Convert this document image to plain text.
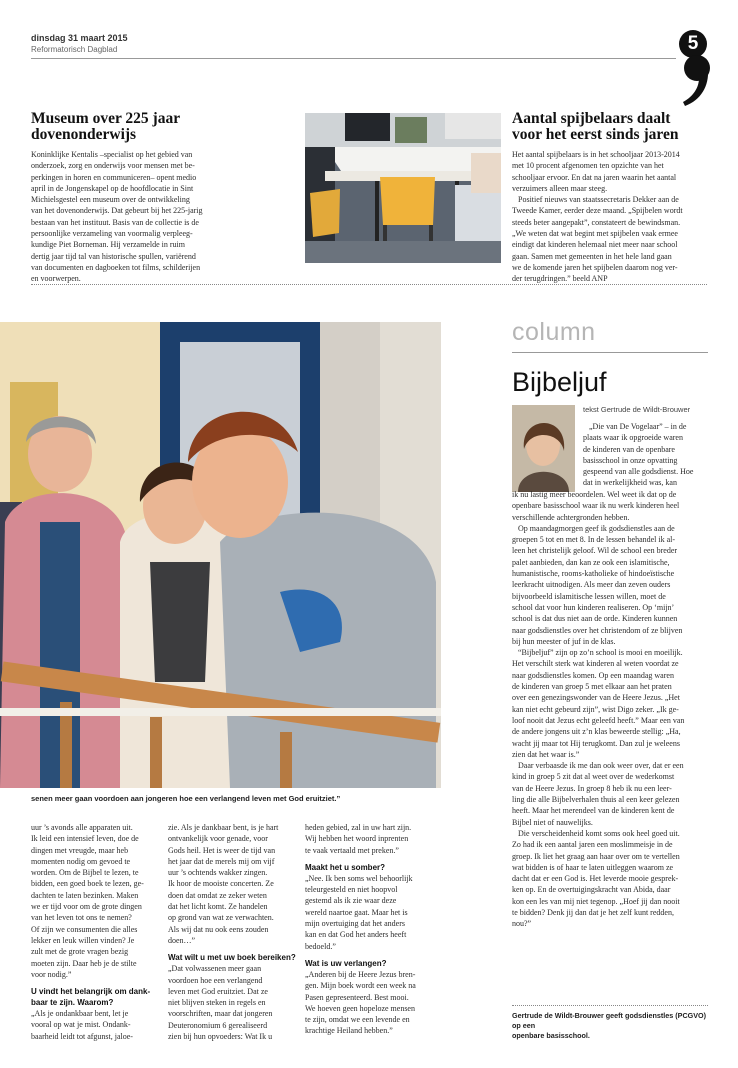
dinsdag 31 maart 2015
Reformatorisch Dagblad	5
Museum over 225 jaar
dovenonderwijs
Koninklijke Kentalis –specialist op het gebied van
onderzoek, zorg en onderwijs voor mensen met be-
perkingen in horen en communiceren– opent medio
april in de Jongenskapel op de hoofdlocatie in Sint
Michielsgestel een museum over de ontwikkeling
van het dovenonderwijs. Dat gebeurt bij het 225-jarig
bestaan van het instituut. Basis van de collectie is de
persoonlijke verzameling van voormalig verpleeg-
kundige Piet Borneman. Hij verzamelde in ruim
dertig jaar tijd tal van historische spullen, variërend
van documenten en dagboeken tot films, schilderijen
en voorwerpen.
Aantal spijbelaars daalt
voor het eerst sinds jaren
Het aantal spijbelaars is in het schooljaar 2013-2014
met 10 procent afgenomen ten opzichte van het
schooljaar ervoor. En dat na jaren waarin het aantal
verzuimers alleen maar steeg.
Positief nieuws van staatssecretaris Dekker aan de
Tweede Kamer, eerder deze maand. „Spijbelen wordt
steeds beter aangepakt”, constateert de bewindsman.
„We weten dat wat begint met spijbelen vaak ermee
eindigt dat kinderen helemaal niet meer naar school
gaan. Samen met gemeenten in het hele land gaan
we de komende jaren het spijbelen daarom nog ver-
der terugdringen.” beeld ANP
senen meer gaan voordoen aan jongeren hoe een verlangend leven met God eruitziet.”
column
Bijbeljuf
tekst Gertrude de Wildt-Brouwer
„Die van De Vogelaar” – in de
plaats waar ik opgroeide waren
de kinderen van de openbare
basisschool in onze opvatting
gespeend van alle godsdienst. Hoe
dat in werkelijkheid was, kan
ik nu lastig meer beoordelen. Wel weet ik dat op de
openbare basisschool waar ik nu werk kinderen heel
verschillende achtergronden hebben.
Op maandagmorgen geef ik godsdienstles aan de
groepen 5 tot en met 8. In de lessen behandel ik al-
leen het christelijk geloof. Wil de school een breder
palet aanbieden, dan kan ze ook een islamitische,
humanistische, rooms-katholieke of hindoeïstische
leerkracht uitnodigen. Als meer dan zeven ouders
bijvoorbeeld islamitische lessen willen, moet de
school dat voor hun kinderen realiseren. Op ‘mijn’
school is dat dus niet aan de orde. Kinderen kunnen
naar godsdienstles over het christendom of ze blijven
bij hun meester of juf in de klas.
“Bijbeljuf” zijn op zo’n school is mooi en moeilijk.
Het verschilt sterk wat kinderen al weten voordat ze
naar godsdienstles komen. Op een maandag waren
de kinderen van groep 5 met elkaar aan het praten
over een genezingswonder van de Heere Jezus. „Het
kan niet echt gebeurd zijn”, wist Digo zeker. „Ik ge-
loof nooit dat Jezus echt geleefd heeft.” Maar een van
de andere jongens uit z’n klas beweerde stellig: „Ha,
wacht jij maar tot Hij terugkomt. Dan zul je weleens
zien dat het waar is.”
Daar verbaasde ik me dan ook weer over, dat er een
kind in groep 5 zit dat al weet over de wederkomst
van de Heere Jezus. In groep 8 heb ik nu een leer-
ling die alle Bijbelverhalen thuis al een keer gelezen
heeft. Maar het merendeel van de kinderen kent de
Bijbel niet of nauwelijks.
Die verscheidenheid komt soms ook heel goed uit.
Zo had ik een aantal jaren een moslimmeisje in de
groep. Ik liet het graag aan haar over om te vertellen
wat bidden is of haar te laten uitleggen waarom ze
dacht dat er een God is. Het leverde mooie gesprek-
ken op. En de overtuigingskracht van Abida, daar
kon een les van mij niet tegenop. „Hoef jij dan nooit
te bidden? Denk jij dan dat je het zelf kunt redden,
nou?”
Gertrude de Wildt-Brouwer geeft godsdienstles (PCGVO) op een
openbare basisschool.
uur ’s avonds alle apparaten uit.
Ik leid een intensief leven, doe de
dingen met vreugde, maar heb
momenten nodig om gevoed te
worden. Om de Bijbel te lezen, te
bidden, een goed boek te lezen, ge-
dachten te laten bezinken. Maken
we er tijd voor om de grote dingen
van het leven tot ons te nemen?
Of zijn we consumenten die alles
lekker en leuk willen vinden? Je
zult met de grote vragen bezig
moeten zijn. Daar heb je de stilte
voor nodig.”
U vindt het belangrijk om dank-
baar te zijn. Waarom?
„Als je ondankbaar bent, let je
vooral op wat je mist. Ondank-
baarheid leidt tot afgunst, jaloe-
zie. Als je dankbaar bent, is je hart
ontvankelijk voor genade, voor
Gods heil. Het is weer de tijd van
het jaar dat de merels mij om vijf
uur ’s ochtends wakker zingen.
Ik hoor de mooiste concerten. Ze
doen dat omdat ze zeker weten
dat het licht komt. Ze handelen
op grond van wat ze verwachten.
Als wij dat nu ook eens zouden
doen…”
Wat wilt u met uw boek bereiken?
„Dat volwassenen meer gaan
voordoen hoe een verlangend
leven met God eruitziet. Dat ze
niet blijven steken in regels en
voorschriften, maar dat jongeren
Deuteronomium 6 gerealiseerd
zien bij hun opvoeders: Wat Ik u
heden gebied, zal in uw hart zijn.
Wij hebben het woord inprenten
te vaak vertaald met preken.”
Maakt het u somber?
„Nee. Ik ben soms wel behoorlijk
teleurgesteld en niet hoopvol
gestemd als ik zie waar deze
wereld naartoe gaat. Maar het is
mijn overtuiging dat het anders
kan en dat God het anders heeft
bedoeld.”
Wat is uw verlangen?
„Anderen bij de Heere Jezus bren-
gen. Mijn boek wordt een week na
Pasen gepresenteerd. Best mooi.
We hoeven geen hopeloze mensen
te zijn, omdat we een levende en
krachtige Heiland hebben.”
